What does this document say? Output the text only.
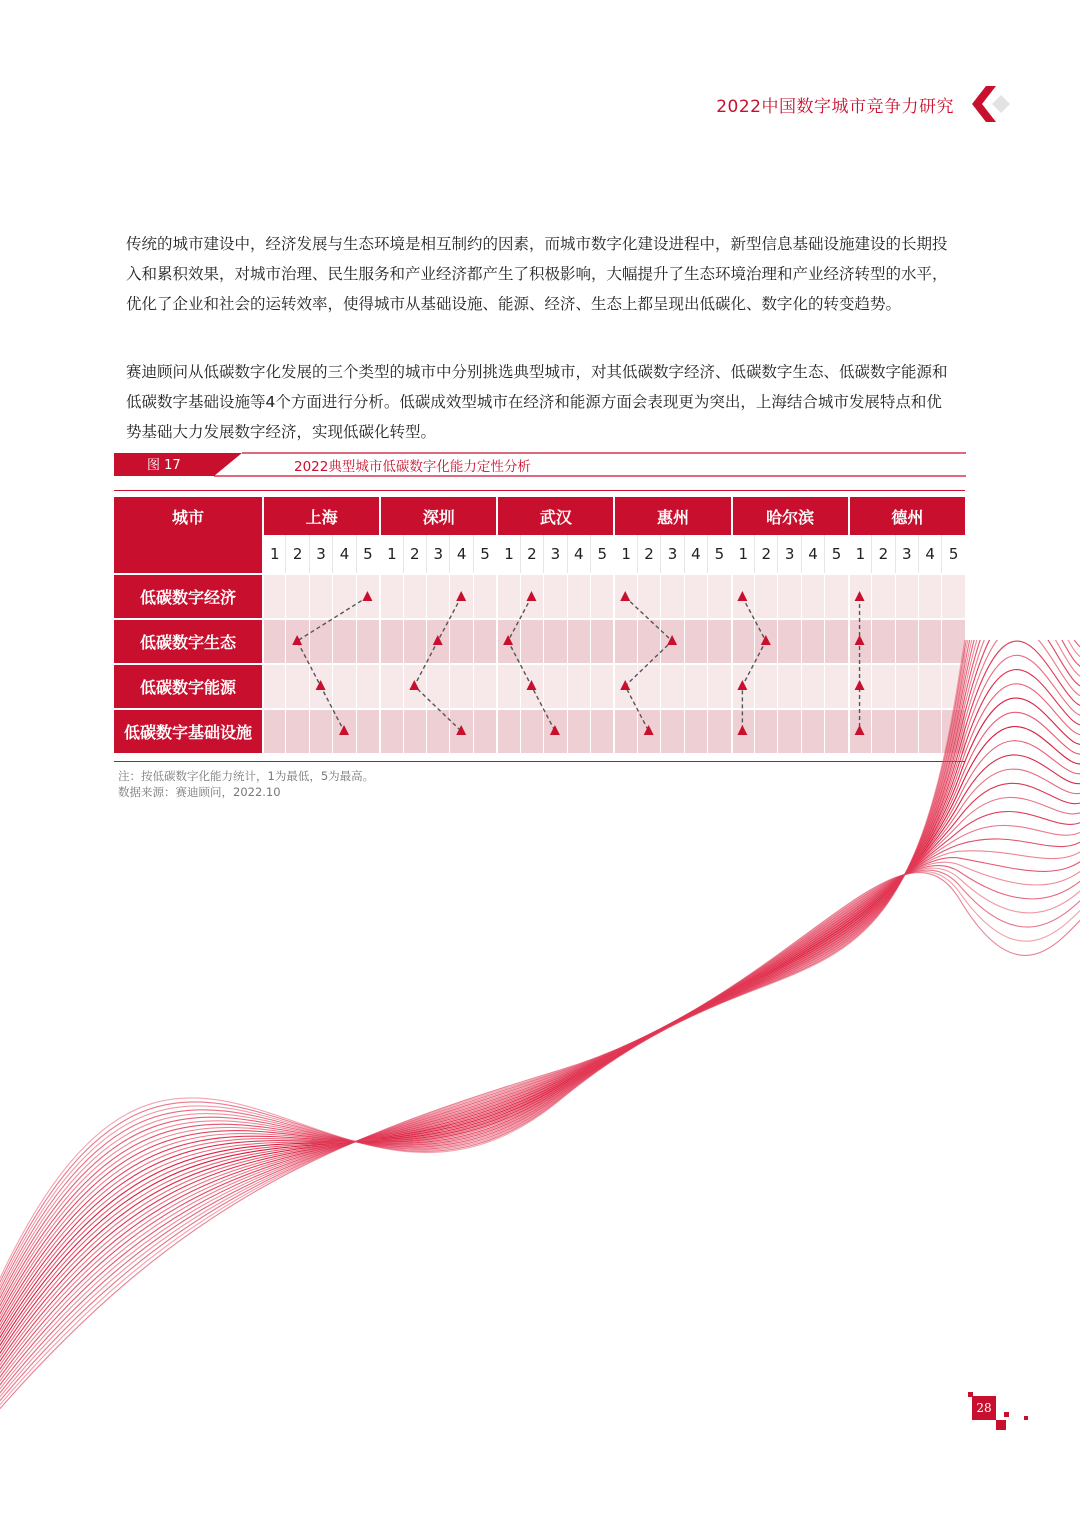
2022中国数字城市竞争力研究

传统的城市建设中，经济发展与生态环境是相互制约的因素，而城市数字化建设进程中，新型信息基础设施建设的长期投入和累积效果，对城市治理、民生服务和产业经济都产生了积极影响，大幅提升了生态环境治理和产业经济转型的水平，优化了企业和社会的运转效率，使得城市从基础设施、能源、经济、生态上都呈现出低碳化、数字化的转变趋势。

赛迪顾问从低碳数字化发展的三个类型的城市中分别挑选典型城市，对其低碳数字经济、低碳数字生态、低碳数字能源和低碳数字基础设施等4个方面进行分析。低碳成效型城市在经济和能源方面会表现更为突出，上海结合城市发展特点和优势基础大力发展数字经济，实现低碳化转型。

图 17	2022典型城市低碳数字化能力定性分析
城市	上海					深圳					武汉					惠州					哈尔滨					德州				
	1	2	3	4	5	1	2	3	4	5	1	2	3	4	5	1	2	3	4	5	1	2	3	4	5	1	2	3	4	5
低碳数字经济																														
低碳数字生态																														
低碳数字能源																														
低碳数字基础设施																														
注：按低碳数字化能力统计，1为最低，5为最高。
数据来源：赛迪顾问，2022.10
28
